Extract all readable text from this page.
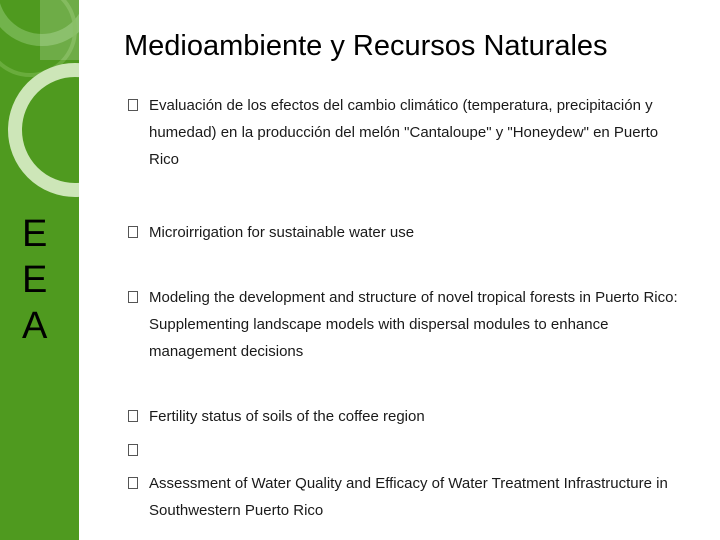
E
E
A
Medioambiente y Recursos Naturales
Evaluación de los efectos del cambio climático (temperatura, precipitación y humedad) en la producción del melón "Cantaloupe" y "Honeydew" en Puerto Rico
Microirrigation for sustainable water use
Modeling the development and structure of novel tropical forests in Puerto Rico: Supplementing landscape models with dispersal modules to enhance management decisions
Fertility status of soils of the coffee region
Assessment of Water Quality and Efficacy of Water Treatment Infrastructure in Southwestern Puerto Rico
